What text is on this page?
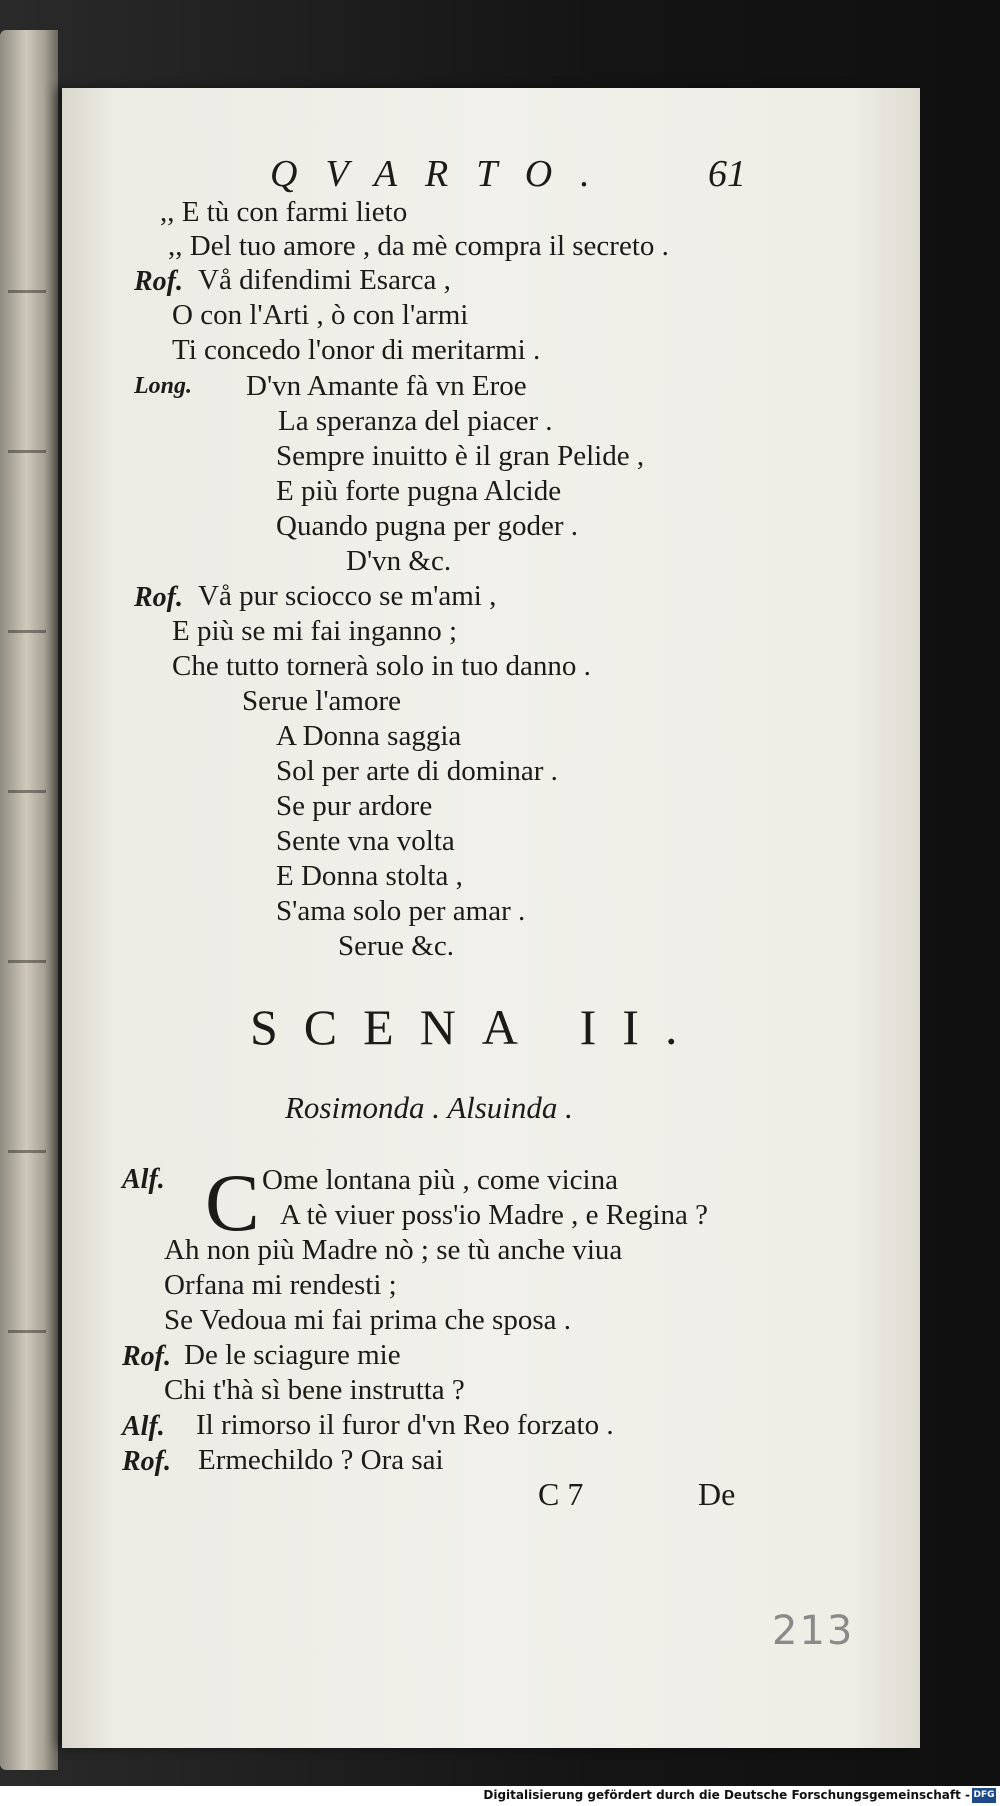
QVARTO. 61
,, E tù con farmi lieto
,, Del tuo amore , da mè compra il secreto .
Rof. Vå difendimi Esarca ,
O con l'Arti , ò con l'armi
Ti concedo l'onor di meritarmi .
Long. D'vn Amante fà vn Eroe
La speranza del piacer .
Sempre inuitto è il gran Pelide ,
E più forte pugna Alcide
Quando pugna per goder .
D'vn &c.
Rof. Vå pur sciocco se m'ami ,
E più se mi fai inganno ;
Che tutto tornerà solo in tuo danno .
Serue l'amore
A Donna saggia
Sol per arte di dominar .
Se pur ardore
Sente vna volta
E Donna stolta ,
S'ama solo per amar .
Serue &c.
SCENA II.
Rosimonda . Alsuinda .
Alf. C Ome lontana più , come vicina
A tè viuer poss'io Madre , e Regina ?
Ah non più Madre nò ; se tù anche viua
Orfana mi rendesti ;
Se Vedoua mi fai prima che sposa .
Rof. De le sciagure mie
Chi t'hà sì bene instrutta ?
Alf. Il rimorso il furor d'vn Reo forzato .
Rof. Ermechildo ? Ora sai
C 7	De
213
Digitalisierung gefördert durch die Deutsche Forschungsgemeinschaft - DFG
